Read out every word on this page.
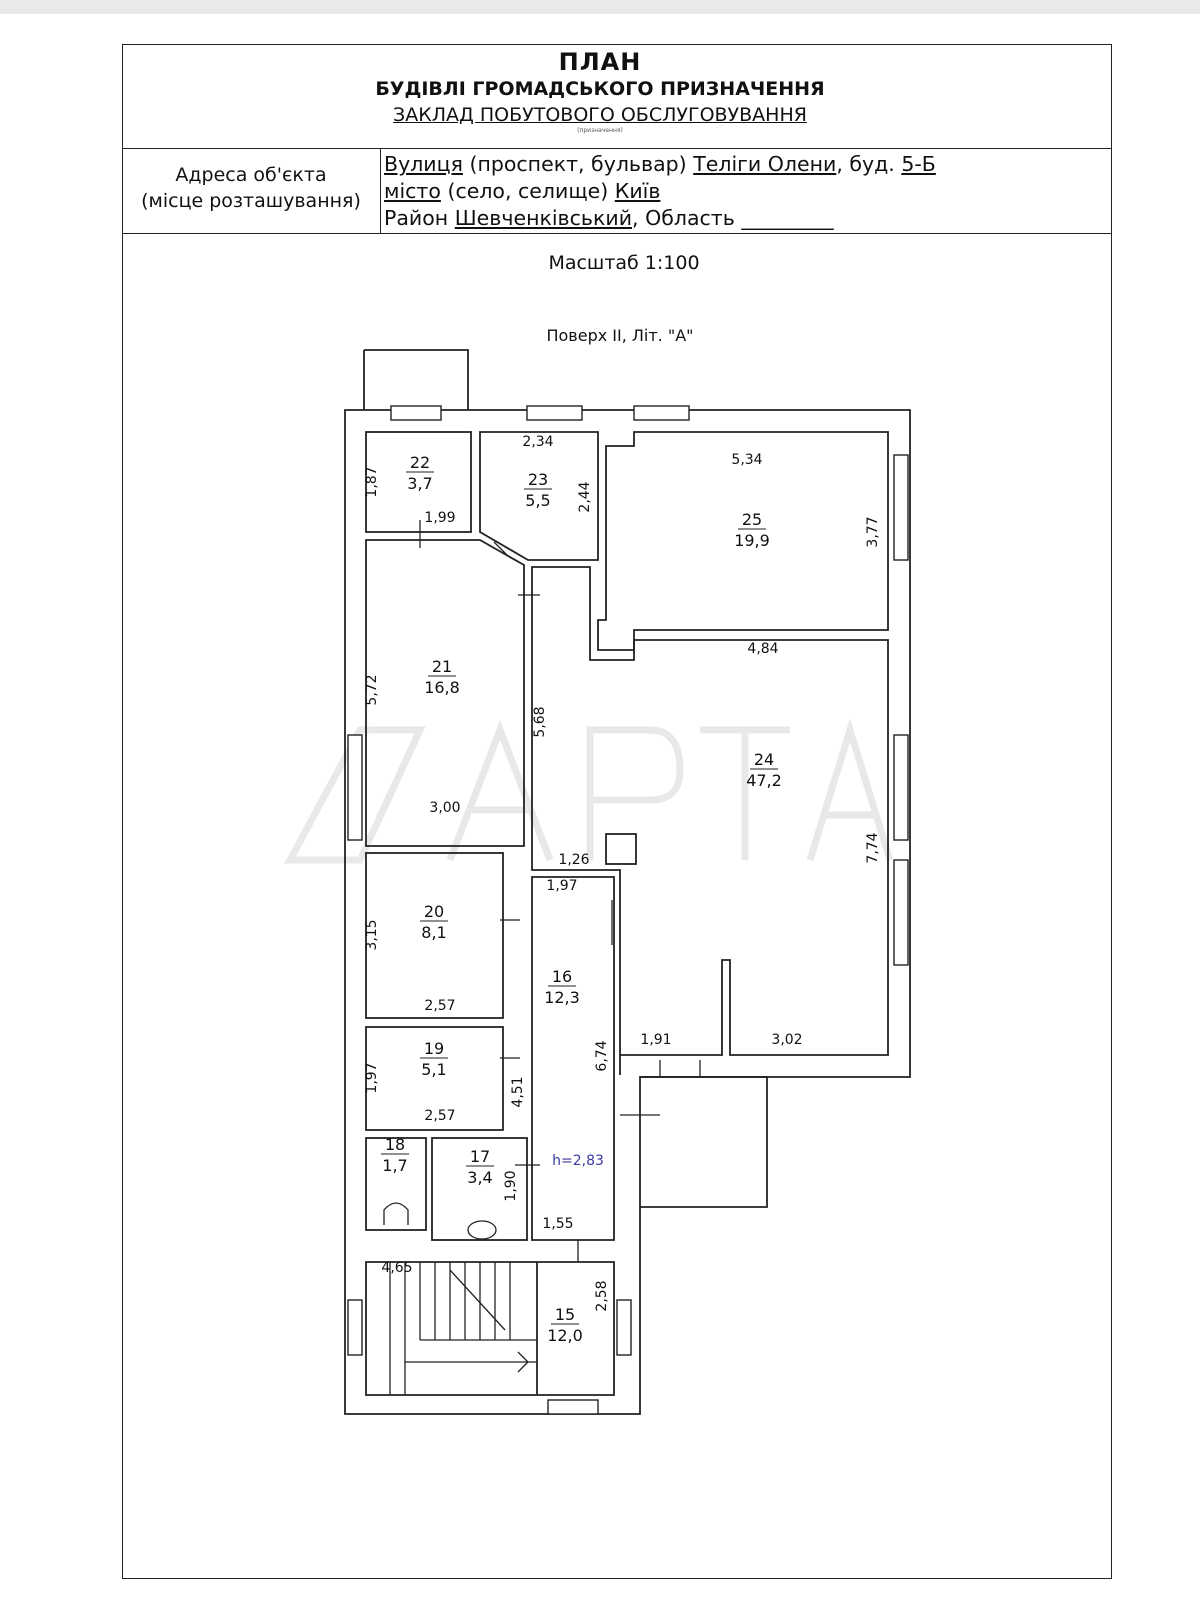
ПЛАН
БУДІВЛІ ГРОМАДСЬКОГО ПРИЗНАЧЕННЯ
ЗАКЛАД ПОБУТОВОГО ОБСЛУГОВУВАННЯ
(призначення)
Адреса об'єкта
(місце розташування)
Вулиця (проспект, бульвар) Теліги Олени, буд. 5-Б
місто (село, селище) Київ
Район Шевченківський, Область _________
Масштаб 1:100
Поверх II, Літ. "А"
22
3,7	23
5,5
25
19,9
21
16,8
24
47,2
20
8,1
16
12,3
19
5,1
18
1,7	17
3,4
15
12,0
1,87
2,34
2,44
5,34
3,77
1,99
4,84
5,72
5,68
3,00
7,74
1,26
1,97
3,15
2,57
1,91	3,02
6,74
1,97	4,51
2,57
1,90
1,55
4,65
2,58
h=2,83
